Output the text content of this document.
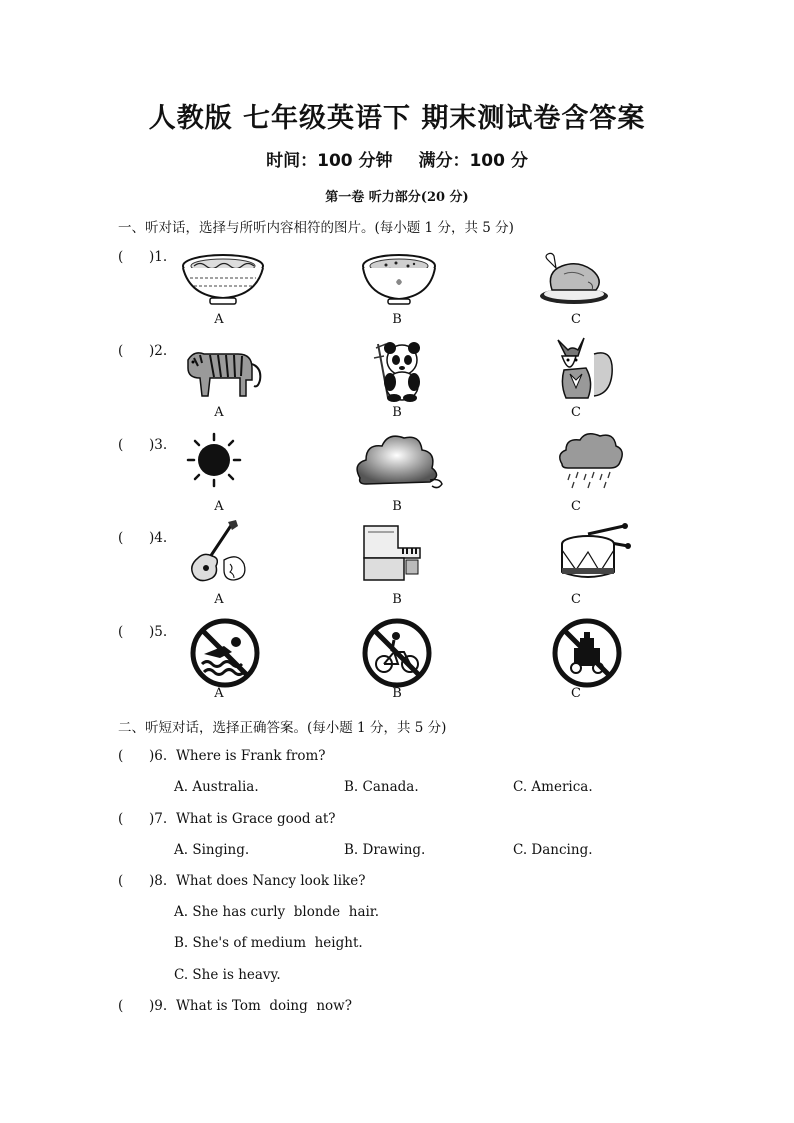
人教版 七年级英语下 期末测试卷含答案
时间：100 分钟 满分：100 分
第一卷 听力部分(20 分)
一、听对话，选择与所听内容相符的图片。(每小题 1 分，共 5 分)
(      )1.
A	B	C
(      )2.
A	B	C
(      )3.
A	B	C
(      )4.
A	B	C
(      )5.
A	B	C
二、听短对话，选择正确答案。(每小题 1 分，共 5 分)
(      )6. Where is Frank from?
A. Australia.	B. Canada.	C. America.
(      )7. What is Grace good at?
A. Singing.	B. Drawing.	C. Dancing.
(      )8. What does Nancy look like?
A. She has curly  blonde  hair.
B. She's of medium  height.
C. She is heavy.
(      )9. What is Tom  doing  now?
